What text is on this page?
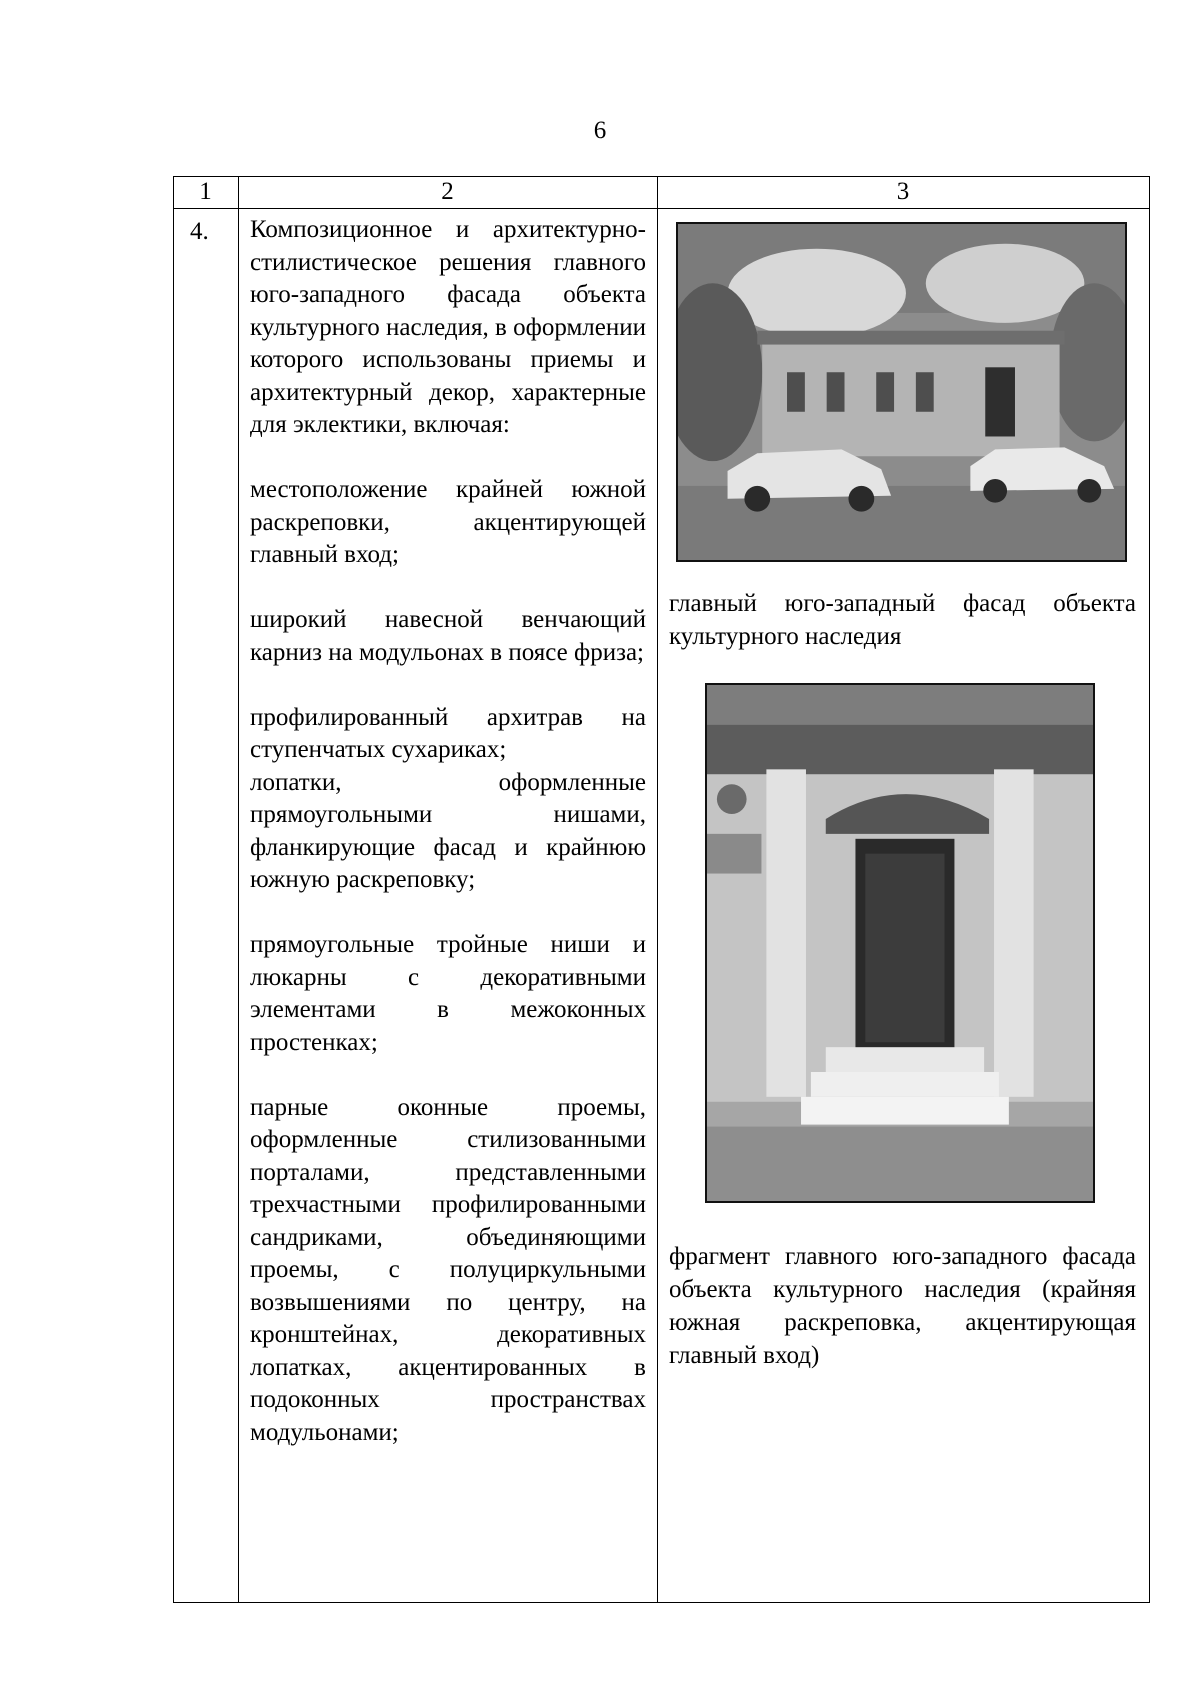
6
1	2	3
4. Композиционное и архитектурно-стилистическое решения главного юго-западного фасада объекта культурного наследия, в оформлении которого использованы приемы и архитектурный декор, характерные для эклектики, включая:

местоположение крайней южной раскреповки, акцентирующей главный вход;

широкий навесной венчающий карниз на модульонах в поясе фриза;

профилированный архитрав на ступенчатых сухариках;

лопатки, оформленные прямоугольными нишами, фланкирующие фасад и крайнюю южную раскреповку;

прямоугольные тройные ниши и люкарны с декоративными элементами в межоконных простенках;

парные оконные проемы, оформленные стилизованными порталами, представленными трехчастными профилированными сандриками, объединяющими проемы, с полуциркульными возвышениями по центру, на кронштейнах, декоративных лопатках, акцентированных в подоконных пространствах модульонами;

главный юго-западный фасад объекта культурного наследия
фрагмент главного юго-западного фасада объекта культурного наследия (крайняя южная раскреповка, акцентирующая главный вход)
